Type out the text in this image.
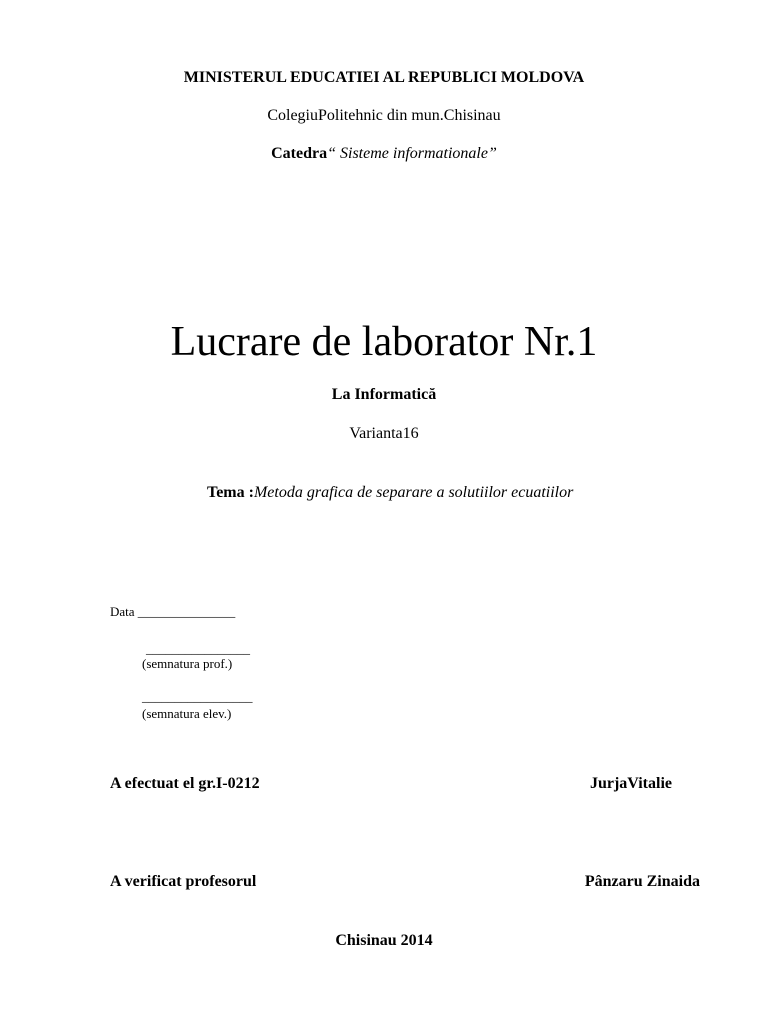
MINISTERUL EDUCATIEI AL REPUBLICI MOLDOVA
ColegiuPolitehnic din mun.Chisinau
Catedra“ Sisteme informationale”
Lucrare de laborator Nr.1
La Informatică
Varianta16
Tema :Metoda grafica de separare a solutiilor ecuatiilor
Data _______________
________________
(semnatura prof.)
_________________
(semnatura elev.)
A efectuat el gr.I-0212	JurjaVitalie
A verificat profesorul	Pânzaru Zinaida
Chisinau 2014
